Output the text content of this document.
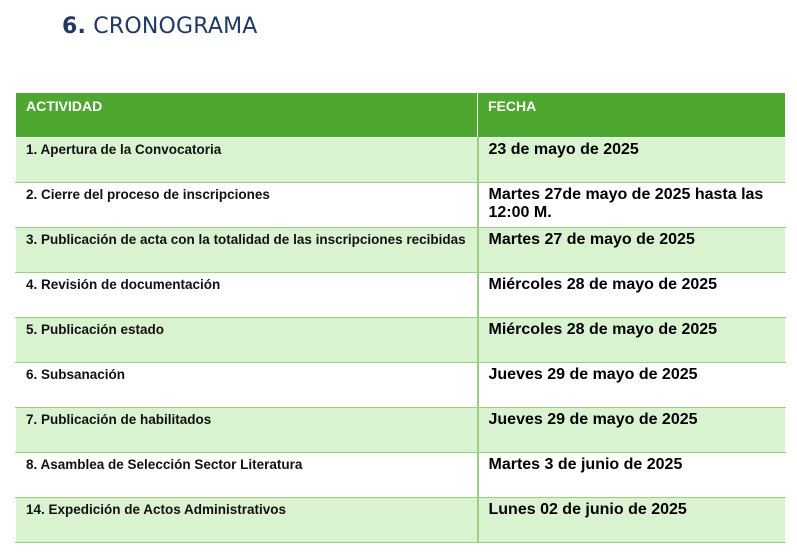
6. CRONOGRAMA
ACTIVIDAD	FECHA
1. Apertura de la Convocatoria	23 de mayo de 2025
2. Cierre del proceso de inscripciones	Martes 27de mayo de 2025 hasta las 12:00 M.
3. Publicación de acta con la totalidad de las inscripciones recibidas	Martes 27 de mayo de 2025
4. Revisión de documentación	Miércoles 28 de mayo de 2025
5. Publicación estado	Miércoles 28 de mayo de 2025
6. Subsanación	Jueves 29 de mayo de 2025
7. Publicación de habilitados	Jueves 29 de mayo de 2025
8. Asamblea de Selección Sector Literatura	Martes 3 de junio de 2025
14. Expedición de Actos Administrativos	Lunes 02 de junio de 2025
